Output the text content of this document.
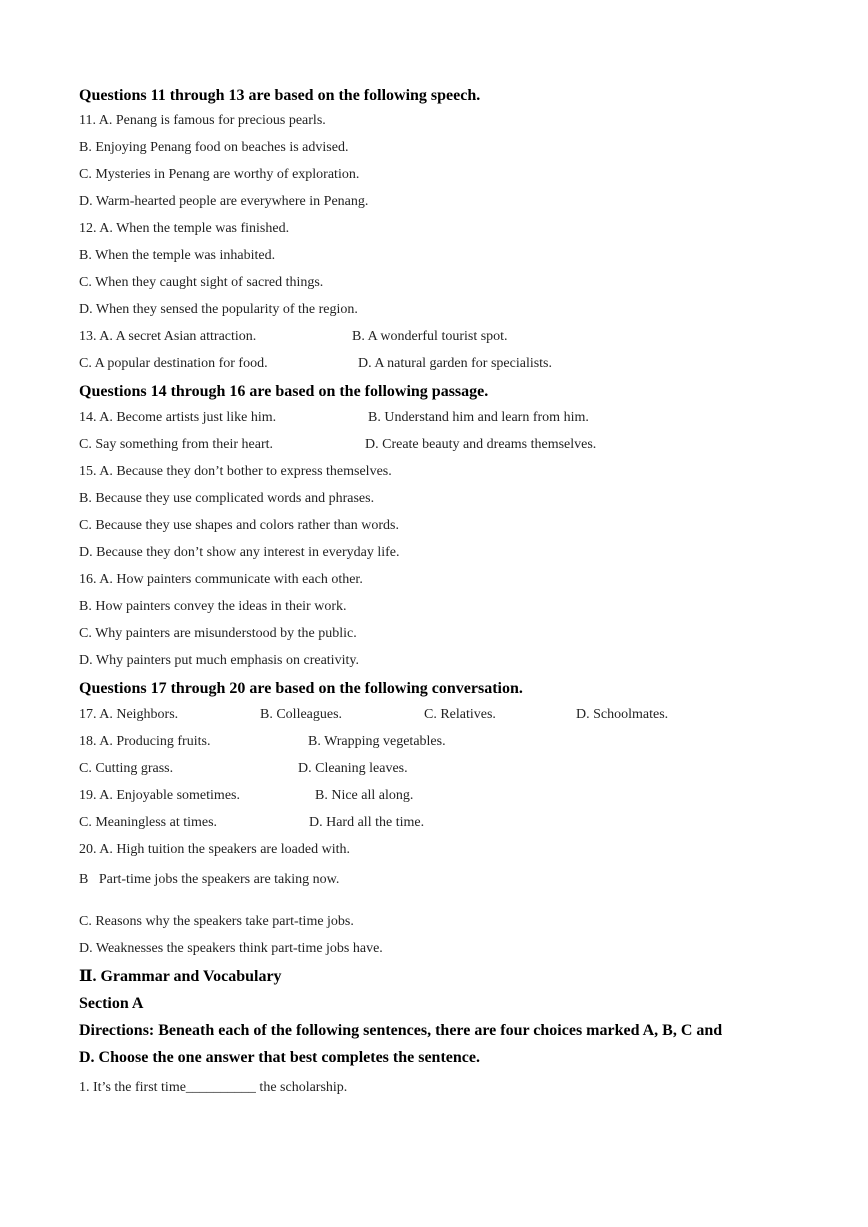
Questions 11 through 13 are based on the following speech.
11. A. Penang is famous for precious pearls.
B. Enjoying Penang food on beaches is advised.
C. Mysteries in Penang are worthy of exploration.
D. Warm-hearted people are everywhere in Penang.
12. A. When the temple was finished.
B. When the temple was inhabited.
C. When they caught sight of sacred things.
D. When they sensed the popularity of the region.
13. A. A secret Asian attraction.	B. A wonderful tourist spot.
C. A popular destination for food.	D. A natural garden for specialists.
Questions 14 through 16 are based on the following passage.
14. A. Become artists just like him.	B. Understand him and learn from him.
C. Say something from their heart.	D. Create beauty and dreams themselves.
15. A. Because they don’t bother to express themselves.
B. Because they use complicated words and phrases.
C. Because they use shapes and colors rather than words.
D. Because they don’t show any interest in everyday life.
16. A. How painters communicate with each other.
B. How painters convey the ideas in their work.
C. Why painters are misunderstood by the public.
D. Why painters put much emphasis on creativity.
Questions 17 through 20 are based on the following conversation.
17. A. Neighbors.	B. Colleagues.	C. Relatives.	D. Schoolmates.
18. A. Producing fruits.	B. Wrapping vegetables.
C. Cutting grass.	D. Cleaning leaves.
19. A. Enjoyable sometimes.	B. Nice all along.
C. Meaningless at times.	D. Hard all the time.
20. A. High tuition the speakers are loaded with.
B   Part-time jobs the speakers are taking now.
C. Reasons why the speakers take part-time jobs.
D. Weaknesses the speakers think part-time jobs have.
Ⅱ. Grammar and Vocabulary
Section A
Directions: Beneath each of the following sentences, there are four choices marked A, B, C and
D. Choose the one answer that best completes the sentence.
1. It’s the first time__________ the scholarship.
